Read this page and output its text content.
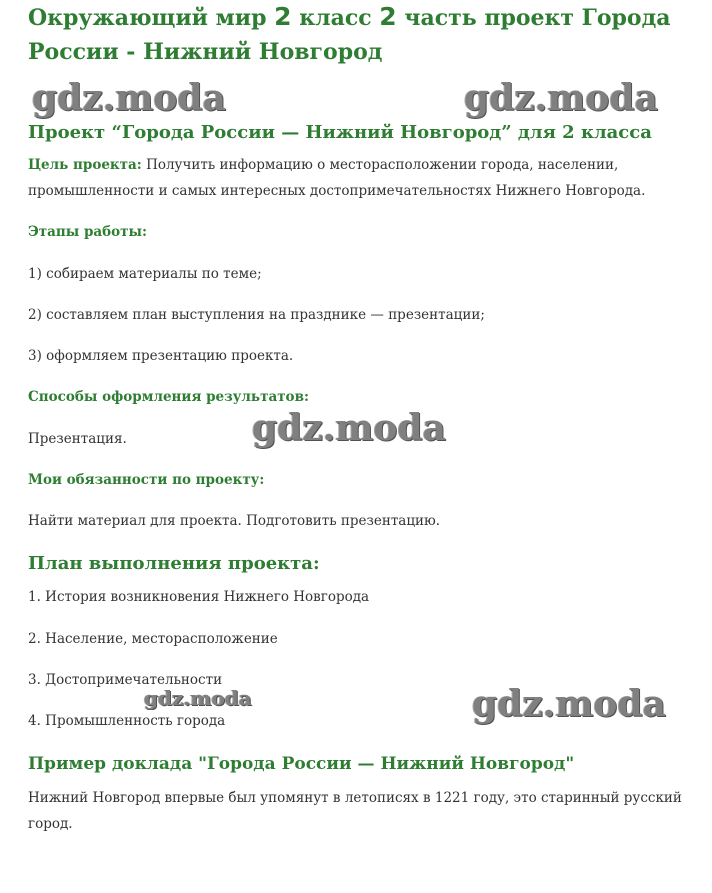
Окружающий мир 2 класс 2 часть проект Города России - Нижний Новгород
gdz.moda	gdz.moda
Проект “Города России — Нижний Новгород” для 2 класса

Цель проекта: Получить информацию о месторасположении города, населении, промышленности и самых интересных достопримечательностях Нижнего Новгорода.

Этапы работы:

1) собираем материалы по теме;

2) составляем план выступления на празднике — презентации;

3) оформляем презентацию проекта.

Способы оформления результатов:

Презентация.	gdz.moda

Мои обязанности по проекту:

Найти материал для проекта. Подготовить презентацию.

План выполнения проекта:

1. История возникновения Нижнего Новгорода

2. Население, месторасположение

3. Достопримечательности

gdz.moda

4. Промышленность города	gdz.moda
Пример доклада "Города России — Нижний Новгород"

Нижний Новгород впервые был упомянут в летописях в 1221 году, это старинный русский город.
